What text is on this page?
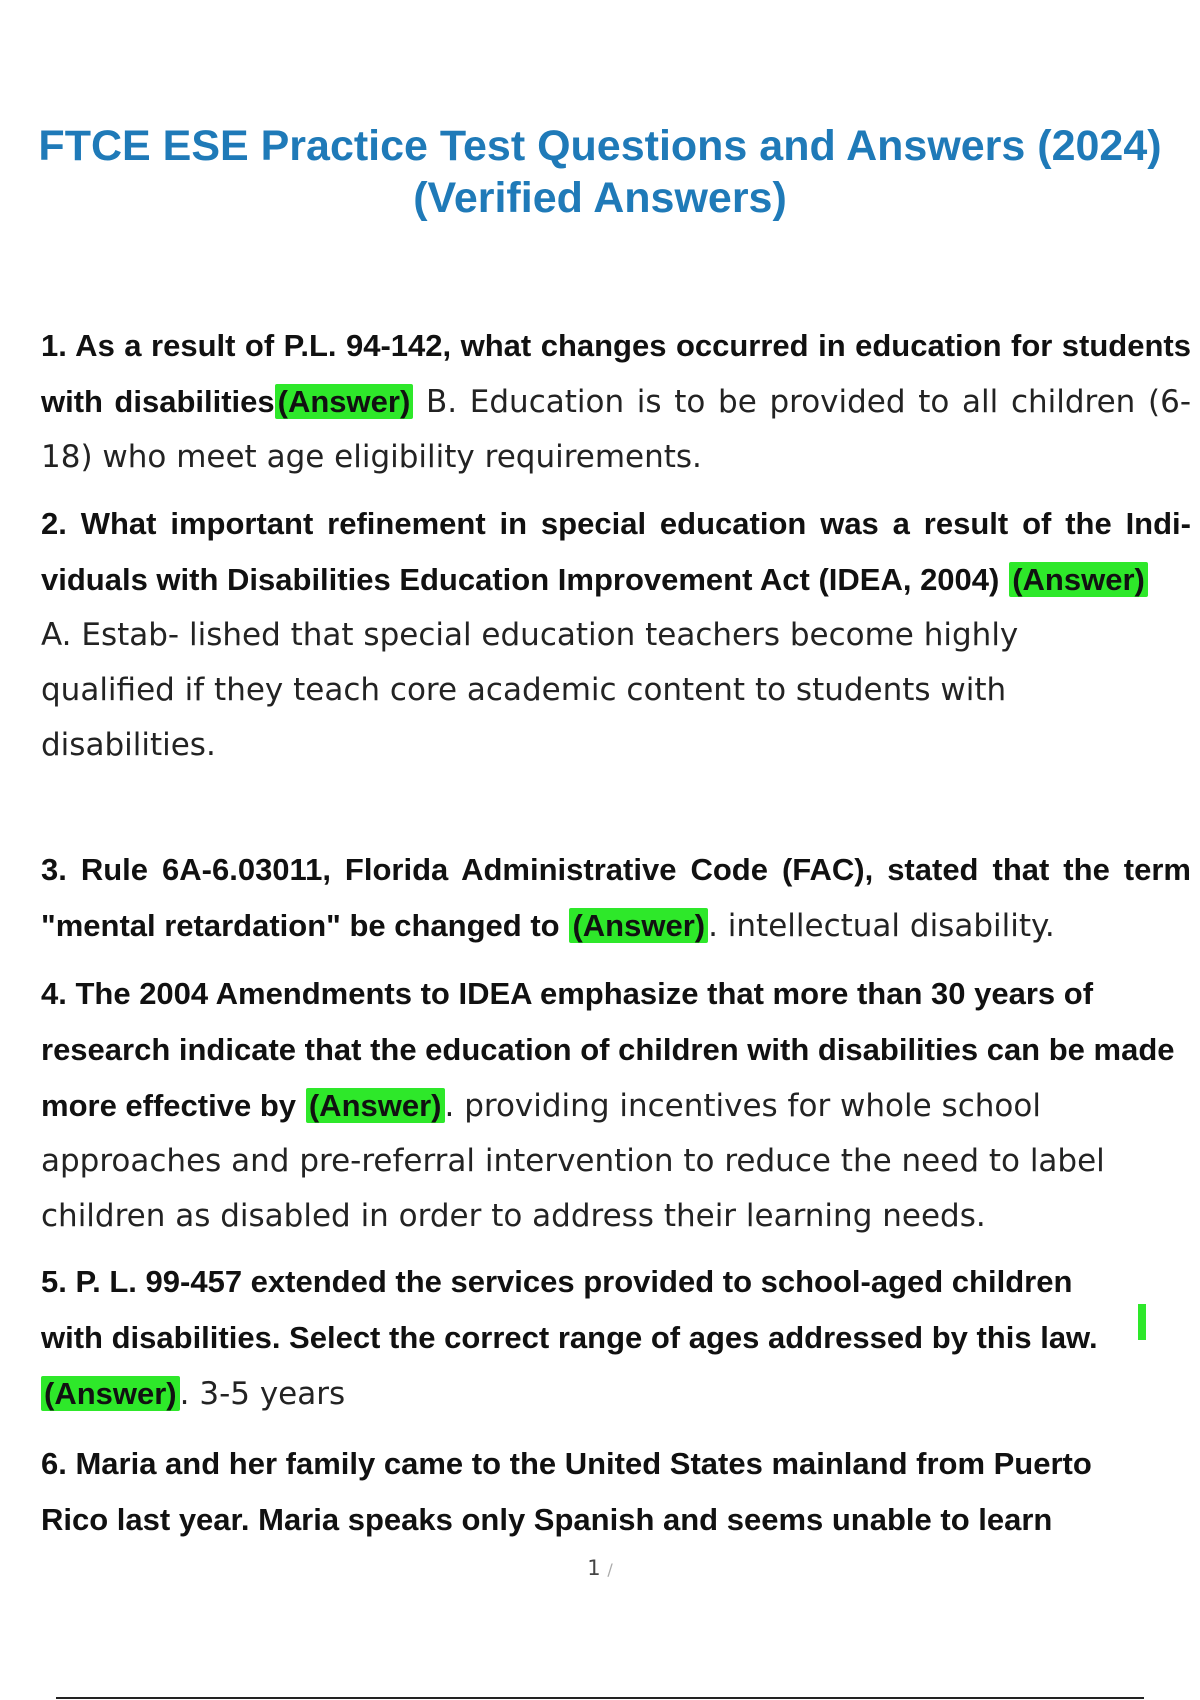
FTCE ESE Practice Test Questions and Answers (2024)
(Verified Answers)
1. As a result of P.L. 94-142, what changes occurred in education for students with disabilities(Answer) B. Education is to be provided to all children (6-18) who meet age eligibility requirements.
2. What important refinement in special education was a result of the Indi- viduals with Disabilities Education Improvement Act (IDEA, 2004) (Answer)
A. Estab- lished that special education teachers become highly qualified if they teach core academic content to students with disabilities.
3. Rule 6A-6.03011, Florida Administrative Code (FAC), stated that the term "mental retardation" be changed to (Answer). intellectual disability.
4. The 2004 Amendments to IDEA emphasize that more than 30 years of research indicate that the education of children with disabilities can be made more effective by (Answer). providing incentives for whole school approaches and pre-referral intervention to reduce the need to label children as disabled in order to address their learning needs.
5. P. L. 99-457 extended the services provided to school-aged children with disabilities. Select the correct range of ages addressed by this law. (Answer). 3-5 years
6. Maria and her family came to the United States mainland from Puerto Rico last year. Maria speaks only Spanish and seems unable to learn
1 /
